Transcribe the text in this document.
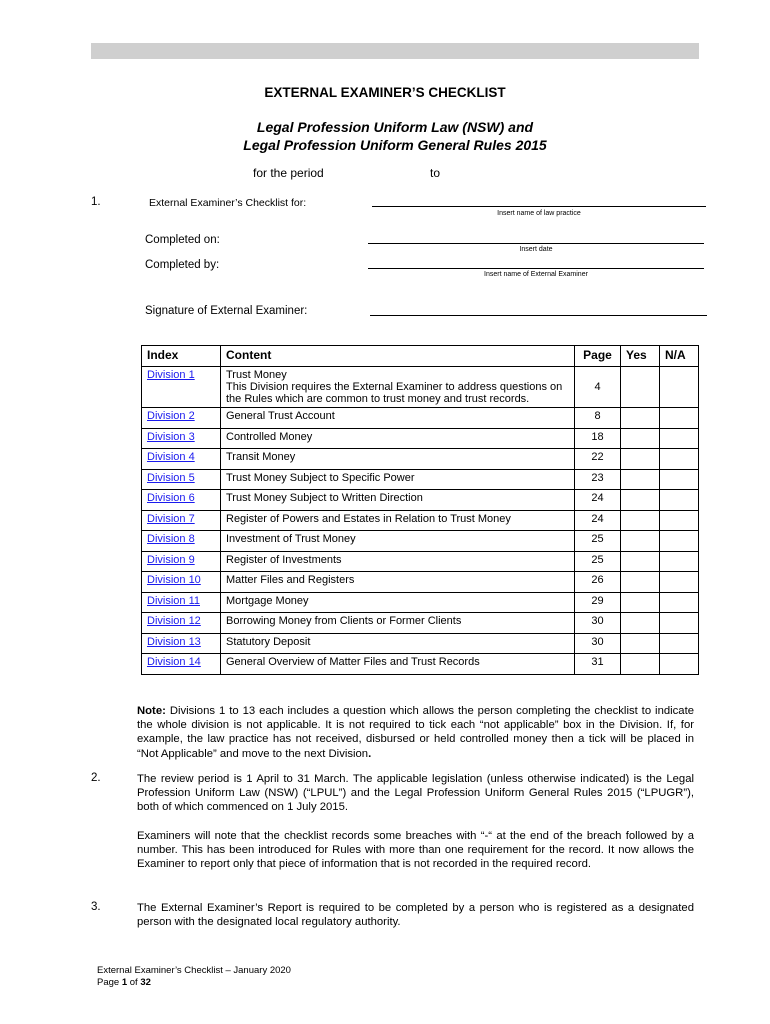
EXTERNAL EXAMINER’S CHECKLIST
Legal Profession Uniform Law (NSW) and
Legal Profession Uniform General Rules 2015
for the period	to
1.	External Examiner’s Checklist for:
Insert name of law practice
Completed on:
Insert date
Completed by:
Insert name of External Examiner
Signature of External Examiner:
Index	Content	Page	Yes	N/A
Division 1	Trust Money
This Division requires the External Examiner to address questions on the Rules which are common to trust money and trust records.	4		
Division 2	General Trust Account	8		
Division 3	Controlled Money	18		
Division 4	Transit Money	22		
Division 5	Trust Money Subject to Specific Power	23		
Division 6	Trust Money Subject to Written Direction	24		
Division 7	Register of Powers and Estates in Relation to Trust Money	24		
Division 8	Investment of Trust Money	25		
Division 9	Register of Investments	25		
Division 10	Matter Files and Registers	26		
Division 11	Mortgage Money	29		
Division 12	Borrowing Money from Clients or Former Clients	30		
Division 13	Statutory Deposit	30		
Division 14	General Overview of Matter Files and Trust Records	31		
Note: Divisions 1 to 13 each includes a question which allows the person completing the checklist to indicate the whole division is not applicable. It is not required to tick each “not applicable” box in the Division. If, for example, the law practice has not received, disbursed or held controlled money then a tick will be placed in “Not Applicable” and move to the next Division.
2.	The review period is 1 April to 31 March. The applicable legislation (unless otherwise indicated) is the Legal Profession Uniform Law (NSW) (“LPUL”) and the Legal Profession Uniform General Rules 2015 (“LPUGR”), both of which commenced on 1 July 2015.
Examiners will note that the checklist records some breaches with “-“ at the end of the breach followed by a number. This has been introduced for Rules with more than one requirement for the record. It now allows the Examiner to report only that piece of information that is not recorded in the required record.
3.	The External Examiner’s Report is required to be completed by a person who is registered as a designated person with the designated local regulatory authority.
External Examiner’s Checklist – January 2020
Page 1 of 32
